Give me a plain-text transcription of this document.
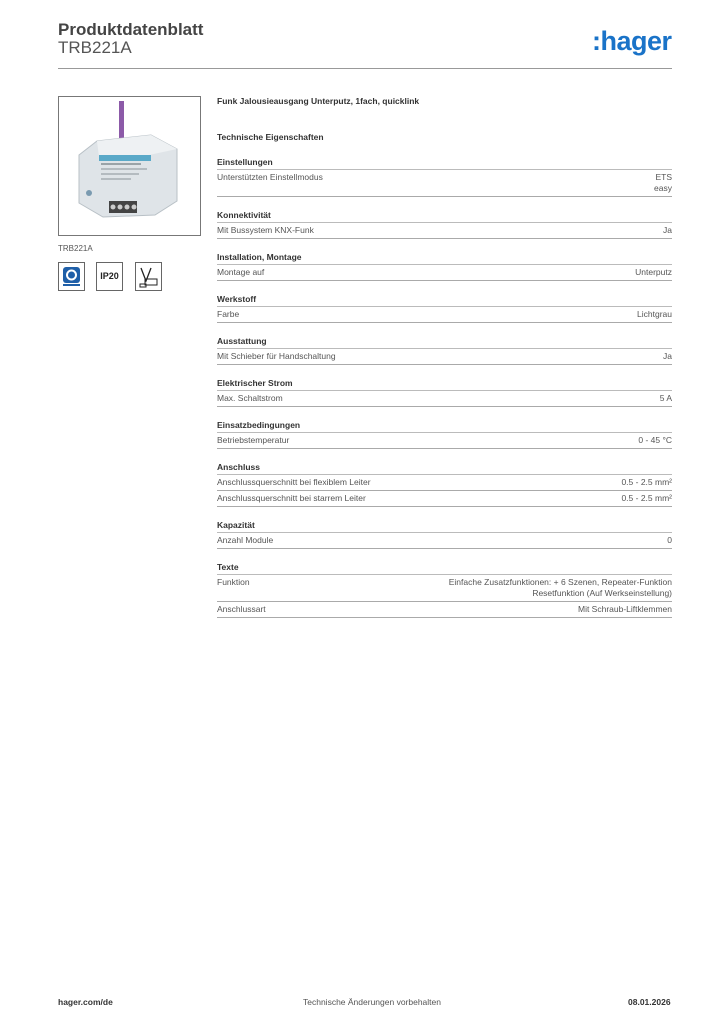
Produktdatenblatt
TRB221A	:hager
TRB221A
IP20
Funk Jalousieausgang Unterputz, 1fach, quicklink
Technische Eigenschaften
Einstellungen
Unterstützten Einstellmodus	ETS
easy
Konnektivität
Mit Bussystem KNX-Funk	Ja
Installation, Montage
Montage auf	Unterputz
Werkstoff
Farbe	Lichtgrau
Ausstattung
Mit Schieber für Handschaltung	Ja
Elektrischer Strom
Max. Schaltstrom	5 A
Einsatzbedingungen
Betriebstemperatur	0 - 45 °C
Anschluss
Anschlussquerschnitt bei flexiblem Leiter	0.5 - 2.5 mm²
Anschlussquerschnitt bei starrem Leiter	0.5 - 2.5 mm²
Kapazität
Anzahl Module	0
Texte
Funktion	Einfache Zusatzfunktionen: + 6 Szenen, Repeater-Funktion
Resetfunktion (Auf Werkseinstellung)
Anschlussart	Mit Schraub-Liftklemmen
hager.com/de	Technische Änderungen vorbehalten	08.01.2026
